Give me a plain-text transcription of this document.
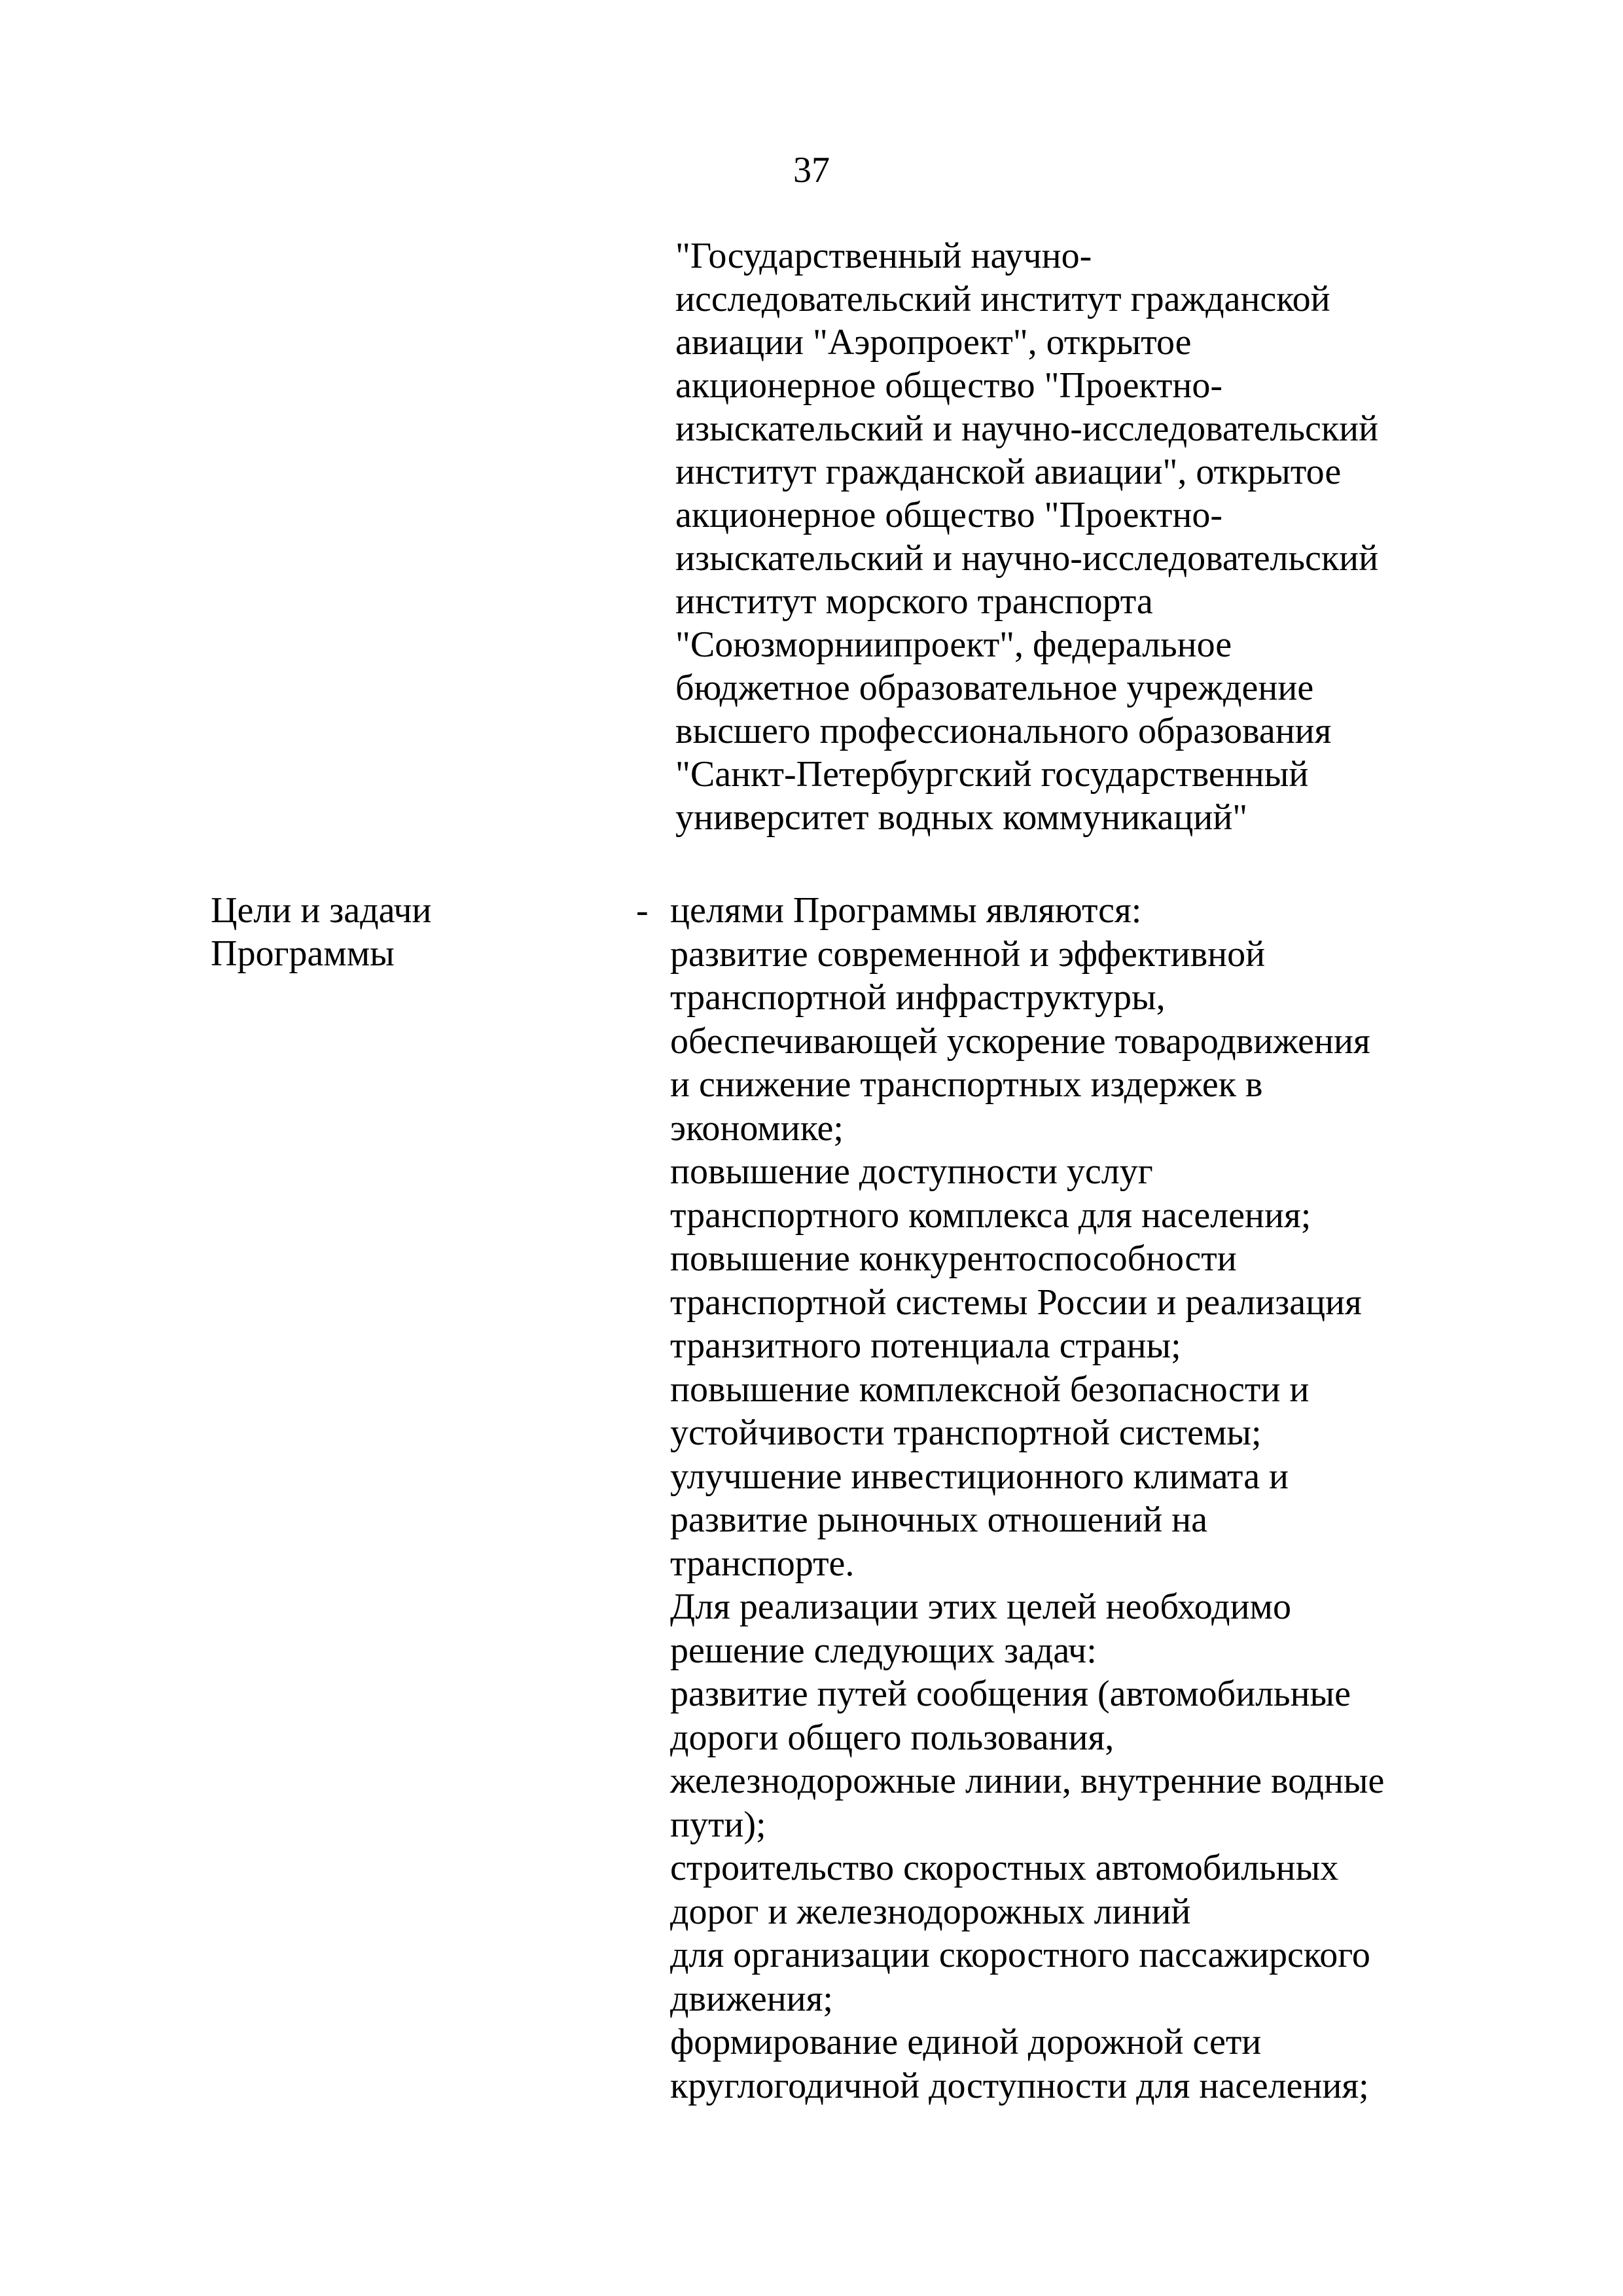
37
"Государственный научно-
исследовательский институт гражданской
авиации "Аэропроект", открытое
акционерное общество "Проектно-
изыскательский и научно-исследовательский
институт гражданской авиации", открытое
акционерное общество "Проектно-
изыскательский и научно-исследовательский
институт морского транспорта
"Союзморниипроект", федеральное
бюджетное образовательное учреждение
высшего профессионального образования
"Санкт-Петербургский государственный
университет водных коммуникаций"
Цели и задачи
Программы
- целями Программы являются:
развитие современной и эффективной
транспортной инфраструктуры,
обеспечивающей ускорение товародвижения
и снижение транспортных издержек в
экономике;
повышение доступности услуг
транспортного комплекса для населения;
повышение конкурентоспособности
транспортной системы России и реализация
транзитного потенциала страны;
повышение комплексной безопасности и
устойчивости транспортной системы;
улучшение инвестиционного климата и
развитие рыночных отношений на
транспорте.
Для реализации этих целей необходимо
решение следующих задач:
развитие путей сообщения (автомобильные
дороги общего пользования,
железнодорожные линии, внутренние водные
пути);
строительство скоростных автомобильных
дорог и железнодорожных линий
для организации скоростного пассажирского
движения;
формирование единой дорожной сети
круглогодичной доступности для населения;
